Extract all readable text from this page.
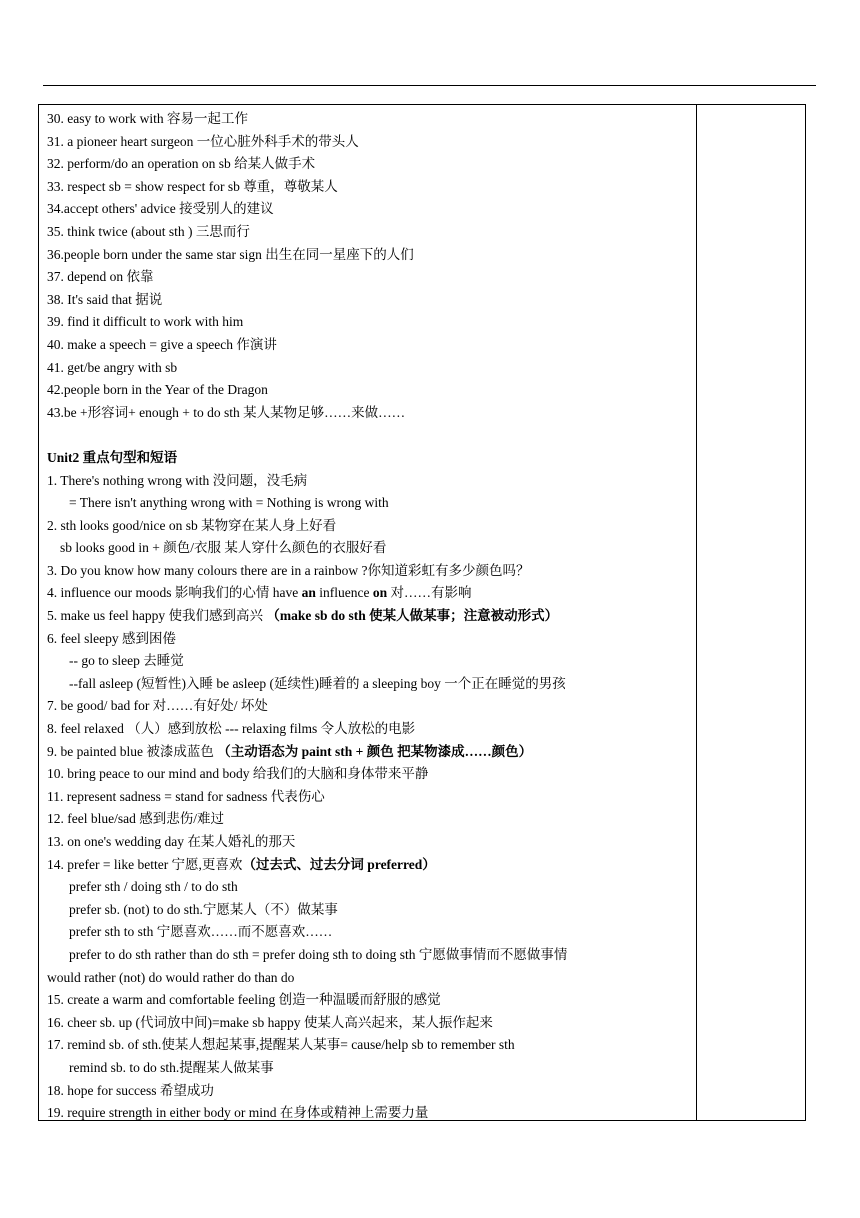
30. easy to work with 容易一起工作
31. a pioneer heart surgeon 一位心脏外科手术的带头人
32. perform/do an operation on sb 给某人做手术
33. respect sb = show respect for sb 尊重，尊敬某人
34.accept others' advice 接受别人的建议
35. think twice (about sth ) 三思而行
36.people born under the same star sign 出生在同一星座下的人们
37. depend on 依靠
38. It's said that 据说
39. find it difficult to work with him
40. make a speech = give a speech 作演讲
41. get/be angry with sb
42.people born in the Year of the Dragon
43.be +形容词+ enough + to do sth 某人某物足够……来做……
Unit2 重点句型和短语
1. There's nothing wrong with 没问题，没毛病
= There isn't anything wrong with = Nothing is wrong with
2. sth looks good/nice on sb 某物穿在某人身上好看
sb looks good in + 颜色/衣服 某人穿什么颜色的衣服好看
3. Do you know how many colours there are in a rainbow ?你知道彩虹有多少颜色吗？
4. influence our moods 影响我们的心情 have an influence on 对……有影响
5. make us feel happy 使我们感到高兴 （make sb do sth 使某人做某事；注意被动形式）
6. feel sleepy 感到困倦
-- go to sleep 去睡觉
--fall asleep (短暂性)入睡 be asleep (延续性)睡着的 a sleeping boy 一个正在睡觉的男孩
7. be good/ bad for 对……有好处/ 坏处
8. feel relaxed （人）感到放松 --- relaxing films 令人放松的电影
9. be painted blue 被漆成蓝色 （主动语态为 paint sth + 颜色 把某物漆成……颜色）
10. bring peace to our mind and body 给我们的大脑和身体带来平静
11. represent sadness = stand for sadness 代表伤心
12. feel blue/sad 感到悲伤/难过
13. on one's wedding day 在某人婚礼的那天
14. prefer = like better 宁愿,更喜欢（过去式、过去分词 preferred）
prefer sth / doing sth / to do sth
prefer sb. (not) to do sth.宁愿某人（不）做某事
prefer sth to sth 宁愿喜欢……而不愿喜欢……
prefer to do sth rather than do sth = prefer doing sth to doing sth 宁愿做事情而不愿做事情
would rather (not) do would rather do than do
15. create a warm and comfortable feeling 创造一种温暖而舒服的感觉
16. cheer sb. up (代词放中间)=make sb happy 使某人高兴起来，某人振作起来
17. remind sb. of sth.使某人想起某事,提醒某人某事= cause/help sb to remember sth
remind sb. to do sth.提醒某人做某事
18. hope for success 希望成功
19. require strength in either body or mind 在身体或精神上需要力量
